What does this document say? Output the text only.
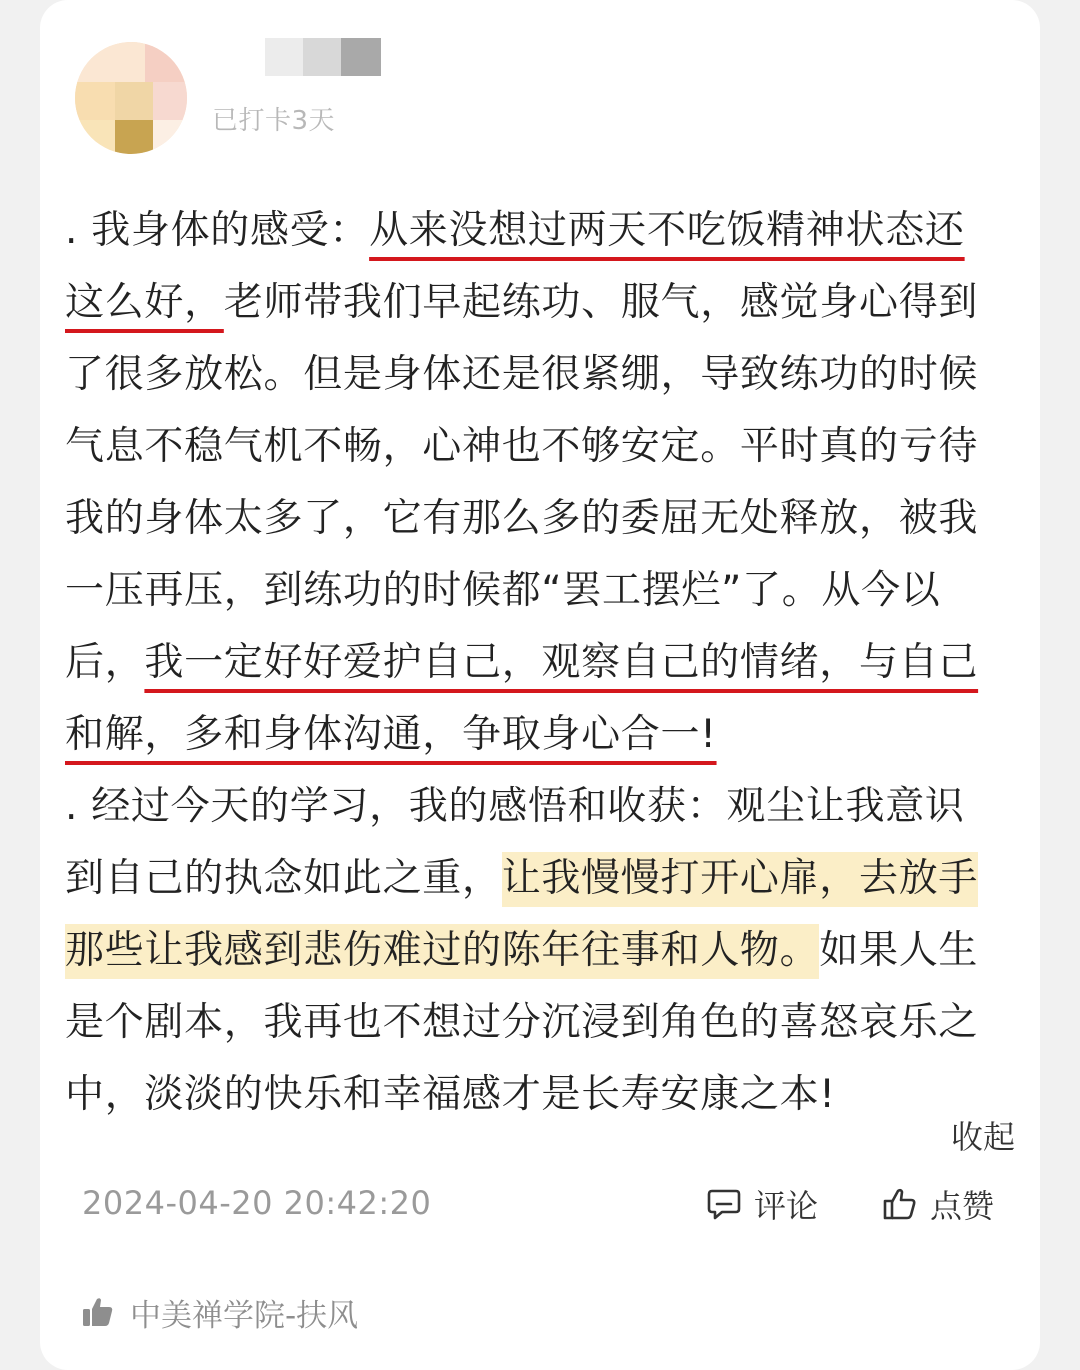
已打卡3天
. 我身体的感受：从来没想过两天不吃饭精神状态还
这么好，老师带我们早起练功、服气，感觉身心得到
了很多放松。但是身体还是很紧绷，导致练功的时候
气息不稳气机不畅，心神也不够安定。平时真的亏待
我的身体太多了，它有那么多的委屈无处释放，被我
一压再压，到练功的时候都“罢工摆烂”了。从今以
后，我一定好好爱护自己，观察自己的情绪，与自己
和解，多和身体沟通，争取身心合一!
. 经过今天的学习，我的感悟和收获：观尘让我意识
到自己的执念如此之重，让我慢慢打开心扉，去放手
那些让我感到悲伤难过的陈年往事和人物。如果人生
是个剧本，我再也不想过分沉浸到角色的喜怒哀乐之
中，淡淡的快乐和幸福感才是长寿安康之本!
收起
2024-04-20 20:42:20	评论	点赞
中美禅学院-扶风
